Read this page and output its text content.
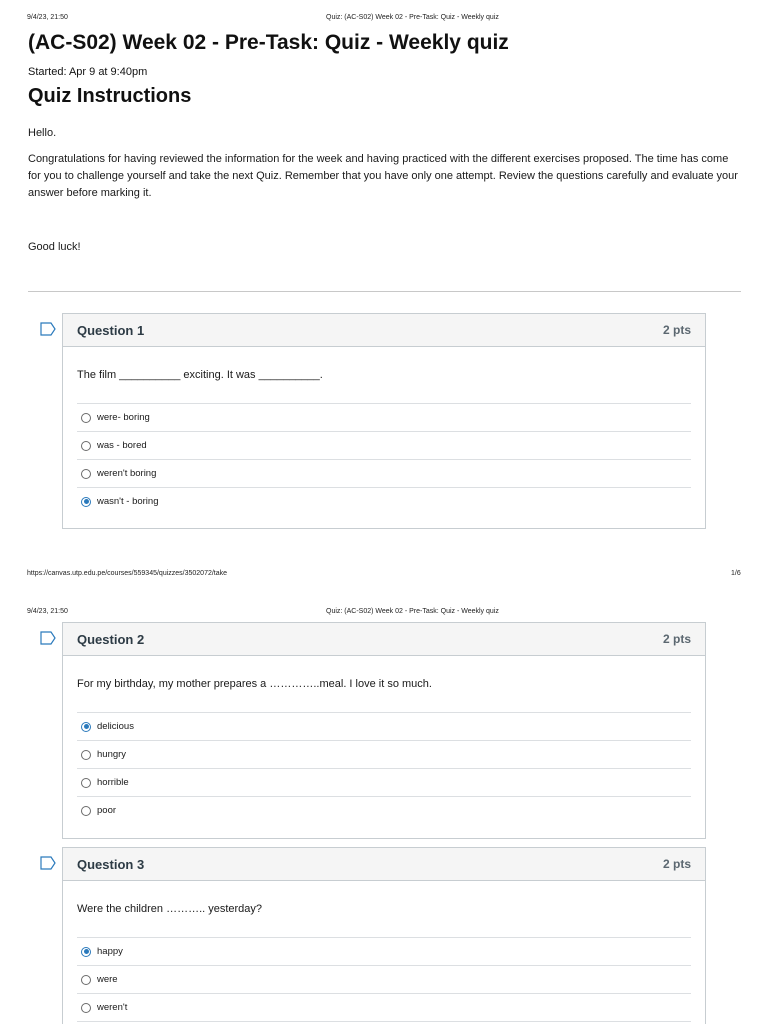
9/4/23, 21:50	Quiz: (AC-S02) Week 02 - Pre-Task: Quiz - Weekly quiz
(AC-S02) Week 02 - Pre-Task: Quiz - Weekly quiz
Started: Apr 9 at 9:40pm
Quiz Instructions

Hello.

Congratulations for having reviewed the information for the week and having practiced with the different exercises proposed. The time has come for you to challenge yourself and take the next Quiz. Remember that you have only one attempt. Review the questions carefully and evaluate your answer before marking it.

Good luck!

Question 1	2 pts
The film __________ exciting. It was __________.
were- boring
was - bored
weren't boring
wasn't - boring
https://canvas.utp.edu.pe/courses/559345/quizzes/3502072/take	1/6
9/4/23, 21:50	Quiz: (AC-S02) Week 02 - Pre-Task: Quiz - Weekly quiz
Question 2	2 pts
For my birthday, my mother prepares a …………..meal. I love it so much.
delicious
hungry
horrible
poor
Question 3	2 pts
Were the children ……….. yesterday?
happy
were
weren't
